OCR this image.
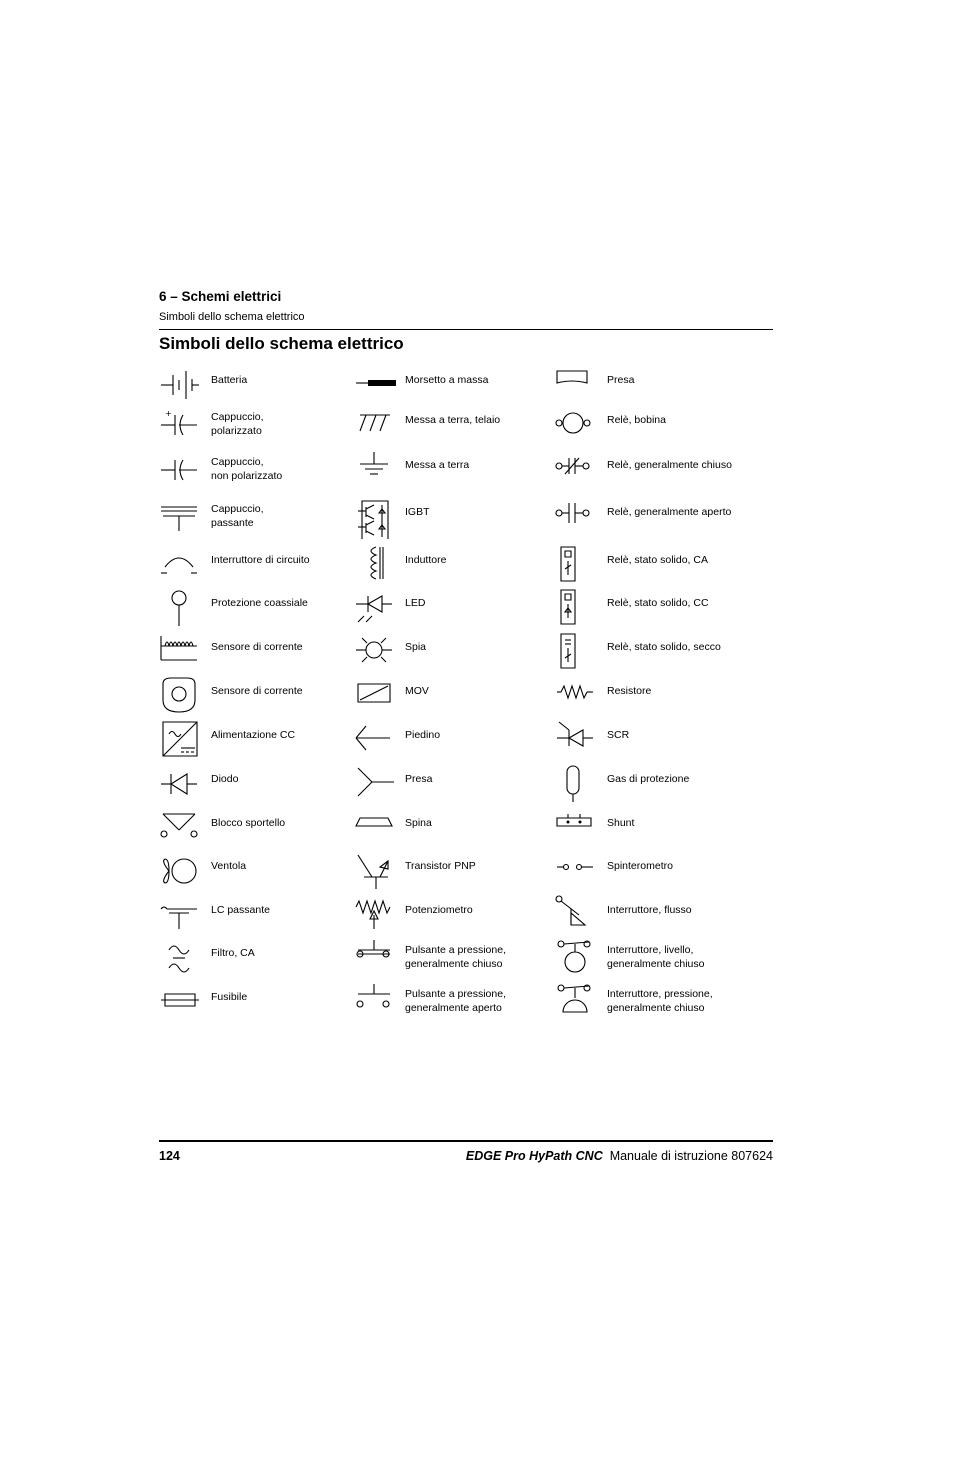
6 – Schemi elettrici
Simboli dello schema elettrico
Simboli dello schema elettrico
Batteria
+	Cappuccio,
polarizzato
Cappuccio,
non polarizzato
Cappuccio,
passante
Interruttore di circuito
Protezione coassiale
Sensore di corrente
Sensore di corrente
Alimentazione CC
Diodo
Blocco sportello
Ventola
LC passante
Filtro, CA
Fusibile
Morsetto a massa
Messa a terra, telaio
Messa a terra
IGBT
Induttore
LED
Spia
MOV
Piedino
Presa
Spina
Transistor PNP
Potenziometro
Pulsante a pressione,
generalmente chiuso
Pulsante a pressione,
generalmente aperto
Presa
Relè, bobina
Relè, generalmente chiuso
Relè, generalmente aperto
Relè, stato solido, CA
Relè, stato solido, CC
Relè, stato solido, secco
Resistore
SCR
Gas di protezione
Shunt
Spinterometro
Interruttore, flusso
Interruttore, livello,
generalmente chiuso
Interruttore, pressione,
generalmente chiuso
124	EDGE Pro HyPath CNC Manuale di istruzione 807624
